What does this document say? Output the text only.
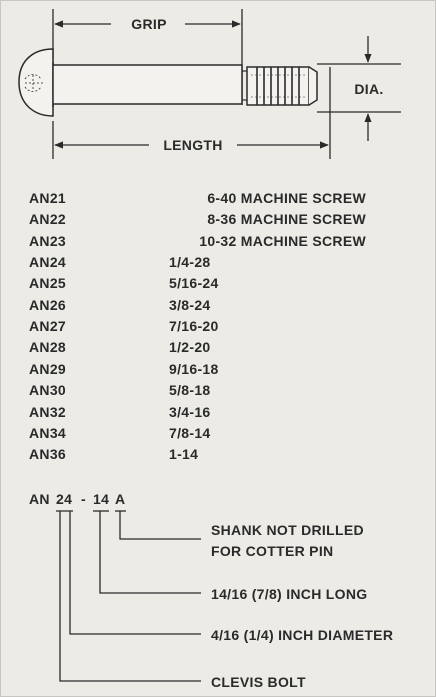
GRIP
LENGTH
DIA.
AN21	6-40 MACHINE SCREW
AN22	8-36 MACHINE SCREW
AN23	10-32 MACHINE SCREW
AN24	1/4-28
AN25	5/16-24
AN26	3/8-24
AN27	7/16-20
AN28	1/2-20
AN29	9/16-18
AN30	5/8-18
AN32	3/4-16
AN34	7/8-14
AN36	1-14
AN 24 - 14 A
SHANK NOT DRILLED
FOR COTTER PIN
14/16 (7/8) INCH LONG
4/16 (1/4) INCH DIAMETER
CLEVIS BOLT
